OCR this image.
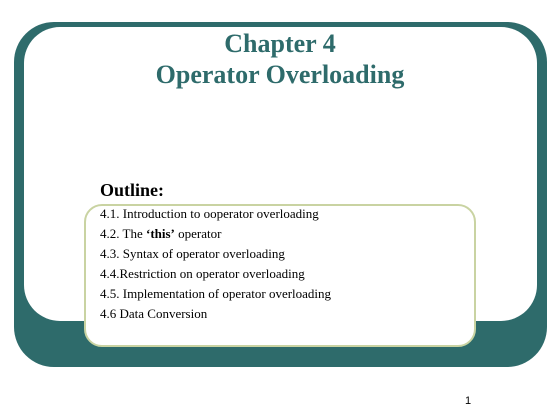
Chapter 4
Operator Overloading
Outline:
4.1. Introduction to ooperator overloading
4.2. The ‘this’ operator
4.3. Syntax of operator overloading
4.4.Restriction on operator overloading
4.5. Implementation of operator overloading
4.6 Data Conversion
1
